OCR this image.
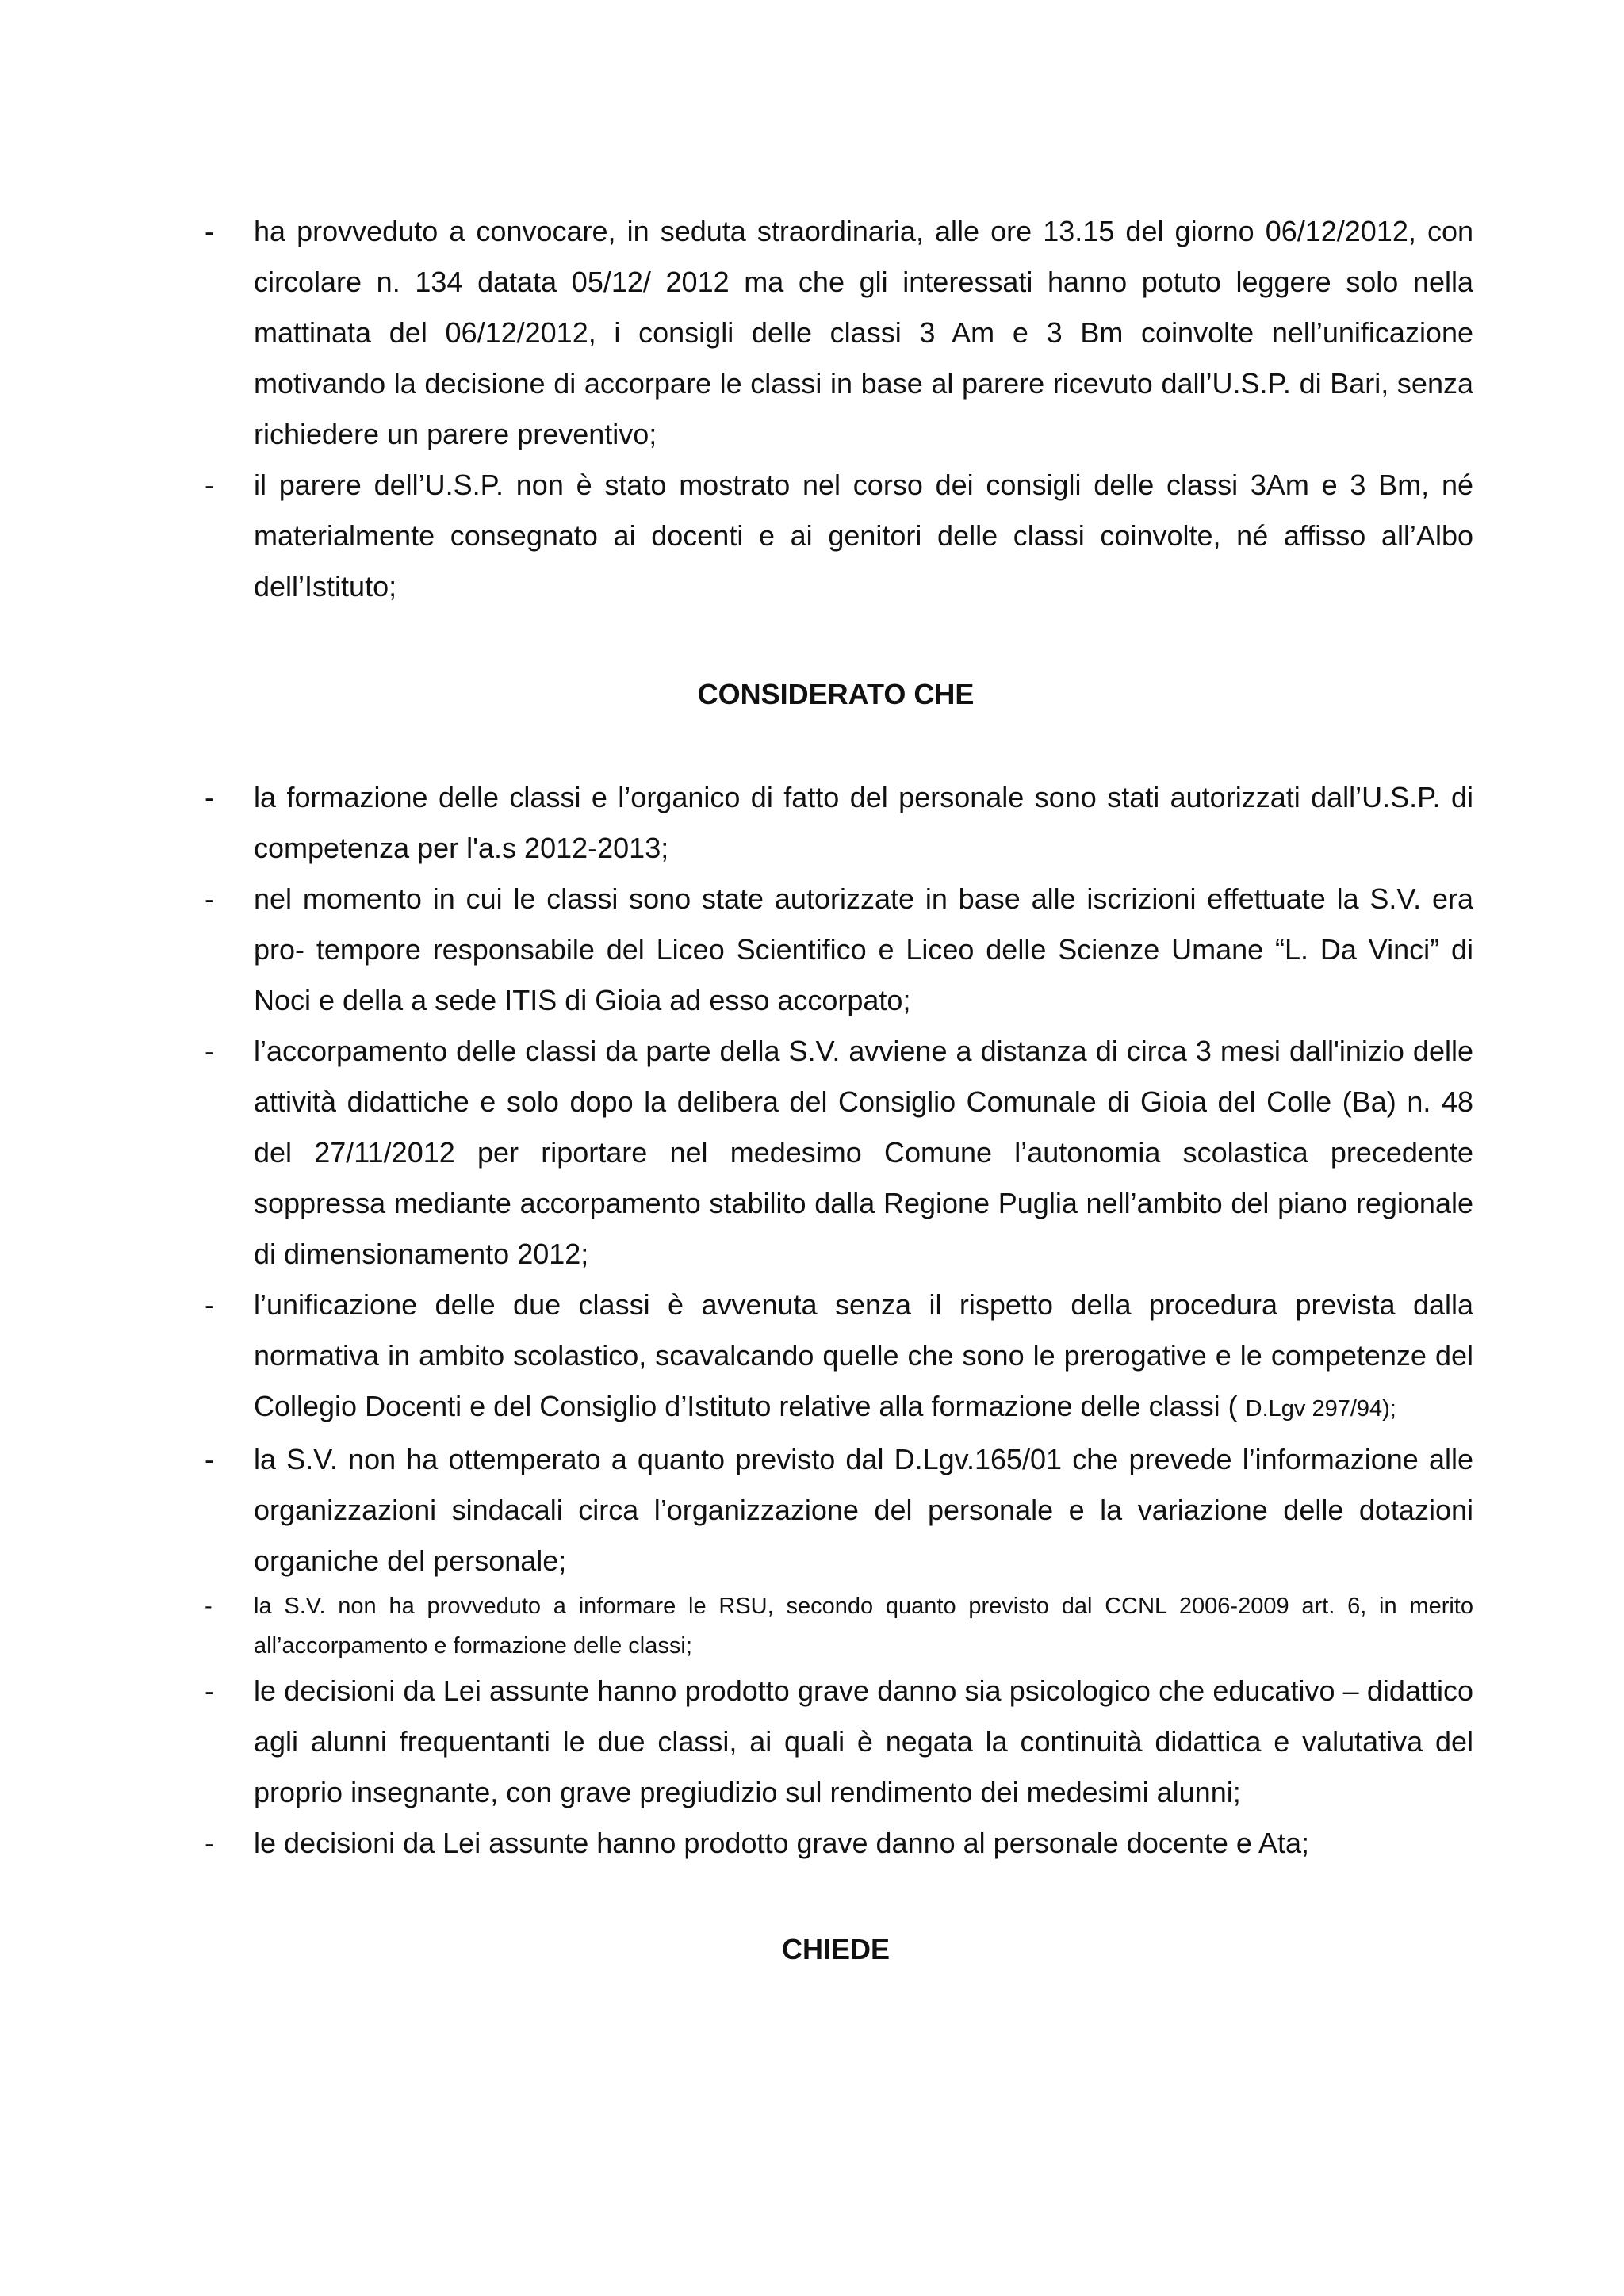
- ha provveduto a convocare, in seduta straordinaria, alle ore 13.15 del giorno 06/12/2012, con circolare n. 134 datata 05/12/ 2012 ma che gli interessati hanno potuto leggere solo nella mattinata del 06/12/2012, i consigli delle classi 3 Am e 3 Bm coinvolte nell’unificazione motivando la decisione di accorpare le classi in base al parere ricevuto dall’U.S.P. di Bari, senza richiedere un parere preventivo;
- il parere dell’U.S.P. non è stato mostrato nel corso dei consigli delle classi 3Am e 3 Bm, né materialmente consegnato ai docenti e ai genitori delle classi coinvolte, né affisso all’Albo dell’Istituto;

CONSIDERATO CHE

- la formazione delle classi e l’organico di fatto del personale sono stati autorizzati dall’U.S.P. di competenza per l'a.s 2012-2013;
- nel momento in cui le classi sono state autorizzate in base alle iscrizioni effettuate la S.V. era pro- tempore responsabile del Liceo Scientifico e Liceo delle Scienze Umane “L. Da Vinci” di Noci e della a sede ITIS di Gioia ad esso accorpato;
- l’accorpamento delle classi da parte della S.V. avviene a distanza di circa 3 mesi dall'inizio delle attività didattiche e solo dopo la delibera del Consiglio Comunale di Gioia del Colle (Ba) n. 48 del 27/11/2012 per riportare nel medesimo Comune l’autonomia scolastica precedente soppressa mediante accorpamento stabilito dalla Regione Puglia nell’ambito del piano regionale di dimensionamento 2012;
- l’unificazione delle due classi è avvenuta senza il rispetto della procedura prevista dalla normativa in ambito scolastico, scavalcando quelle che sono le prerogative e le competenze del Collegio Docenti e del Consiglio d’Istituto relative alla formazione delle classi ( D.Lgv 297/94);
- la S.V. non ha ottemperato a quanto previsto dal D.Lgv.165/01 che prevede l’informazione alle organizzazioni sindacali circa l’organizzazione del personale e la variazione delle dotazioni organiche del personale;
- la S.V. non ha provveduto a informare le RSU, secondo quanto previsto dal CCNL 2006-2009 art. 6, in merito all’accorpamento e formazione delle classi;
- le decisioni da Lei assunte hanno prodotto grave danno sia psicologico che educativo – didattico agli alunni frequentanti le due classi, ai quali è negata la continuità didattica e valutativa del proprio insegnante, con grave pregiudizio sul rendimento dei medesimi alunni;
- le decisioni da Lei assunte hanno prodotto grave danno al personale docente e Ata;

CHIEDE
